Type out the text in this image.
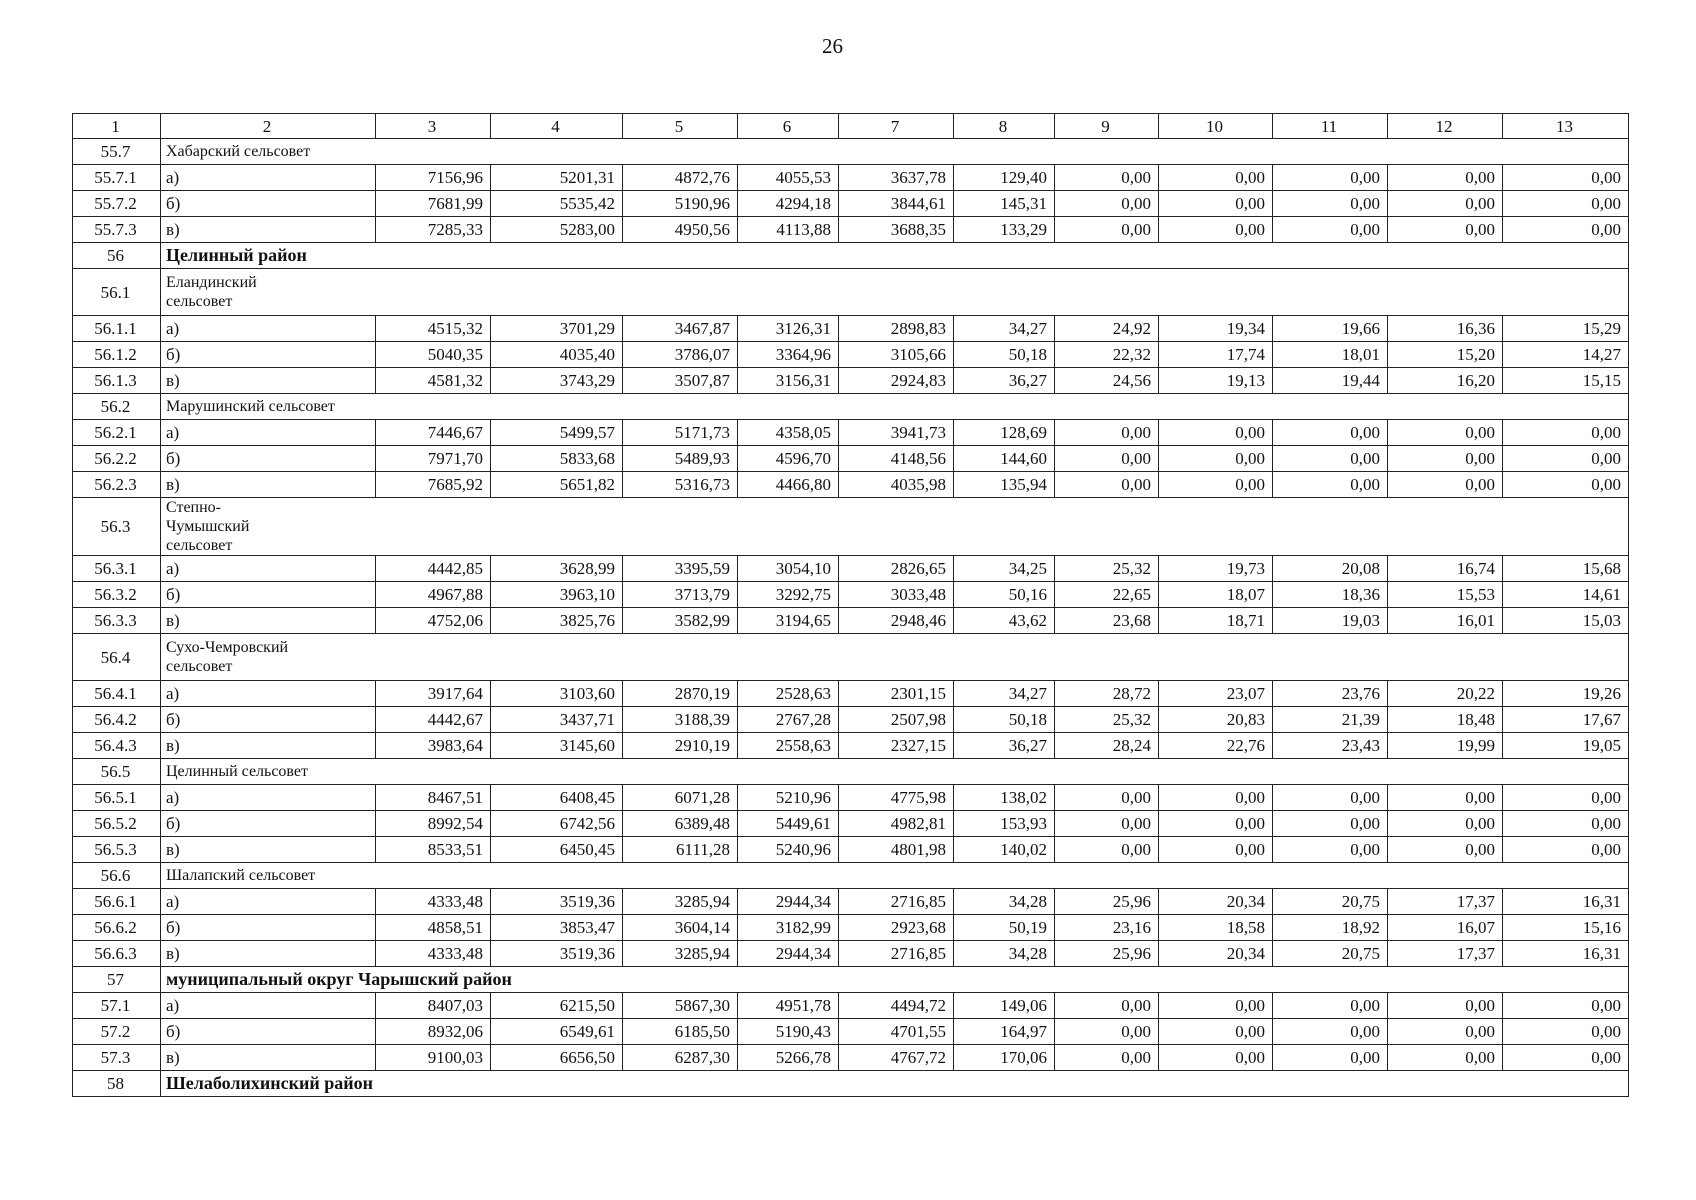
26
1	2	3	4	5	6	7	8	9	10	11	12	13
55.7	Хабарский сельсовет											
55.7.1	а)	7156,96	5201,31	4872,76	4055,53	3637,78	129,40	0,00	0,00	0,00	0,00	0,00
55.7.2	б)	7681,99	5535,42	5190,96	4294,18	3844,61	145,31	0,00	0,00	0,00	0,00	0,00
55.7.3	в)	7285,33	5283,00	4950,56	4113,88	3688,35	133,29	0,00	0,00	0,00	0,00	0,00
56	Целинный район											
56.1	Еландинский сельсовет											
56.1.1	а)	4515,32	3701,29	3467,87	3126,31	2898,83	34,27	24,92	19,34	19,66	16,36	15,29
56.1.2	б)	5040,35	4035,40	3786,07	3364,96	3105,66	50,18	22,32	17,74	18,01	15,20	14,27
56.1.3	в)	4581,32	3743,29	3507,87	3156,31	2924,83	36,27	24,56	19,13	19,44	16,20	15,15
56.2	Марушинский сельсовет											
56.2.1	а)	7446,67	5499,57	5171,73	4358,05	3941,73	128,69	0,00	0,00	0,00	0,00	0,00
56.2.2	б)	7971,70	5833,68	5489,93	4596,70	4148,56	144,60	0,00	0,00	0,00	0,00	0,00
56.2.3	в)	7685,92	5651,82	5316,73	4466,80	4035,98	135,94	0,00	0,00	0,00	0,00	0,00
56.3	Степно-Чумышский сельсовет											
56.3.1	а)	4442,85	3628,99	3395,59	3054,10	2826,65	34,25	25,32	19,73	20,08	16,74	15,68
56.3.2	б)	4967,88	3963,10	3713,79	3292,75	3033,48	50,16	22,65	18,07	18,36	15,53	14,61
56.3.3	в)	4752,06	3825,76	3582,99	3194,65	2948,46	43,62	23,68	18,71	19,03	16,01	15,03
56.4	Сухо-Чемровский сельсовет											
56.4.1	а)	3917,64	3103,60	2870,19	2528,63	2301,15	34,27	28,72	23,07	23,76	20,22	19,26
56.4.2	б)	4442,67	3437,71	3188,39	2767,28	2507,98	50,18	25,32	20,83	21,39	18,48	17,67
56.4.3	в)	3983,64	3145,60	2910,19	2558,63	2327,15	36,27	28,24	22,76	23,43	19,99	19,05
56.5	Целинный сельсовет											
56.5.1	а)	8467,51	6408,45	6071,28	5210,96	4775,98	138,02	0,00	0,00	0,00	0,00	0,00
56.5.2	б)	8992,54	6742,56	6389,48	5449,61	4982,81	153,93	0,00	0,00	0,00	0,00	0,00
56.5.3	в)	8533,51	6450,45	6111,28	5240,96	4801,98	140,02	0,00	0,00	0,00	0,00	0,00
56.6	Шалапский сельсовет											
56.6.1	а)	4333,48	3519,36	3285,94	2944,34	2716,85	34,28	25,96	20,34	20,75	17,37	16,31
56.6.2	б)	4858,51	3853,47	3604,14	3182,99	2923,68	50,19	23,16	18,58	18,92	16,07	15,16
56.6.3	в)	4333,48	3519,36	3285,94	2944,34	2716,85	34,28	25,96	20,34	20,75	17,37	16,31
57	муниципальный округ Чарышский район											
57.1	а)	8407,03	6215,50	5867,30	4951,78	4494,72	149,06	0,00	0,00	0,00	0,00	0,00
57.2	б)	8932,06	6549,61	6185,50	5190,43	4701,55	164,97	0,00	0,00	0,00	0,00	0,00
57.3	в)	9100,03	6656,50	6287,30	5266,78	4767,72	170,06	0,00	0,00	0,00	0,00	0,00
58	Шелаболихинский район											
